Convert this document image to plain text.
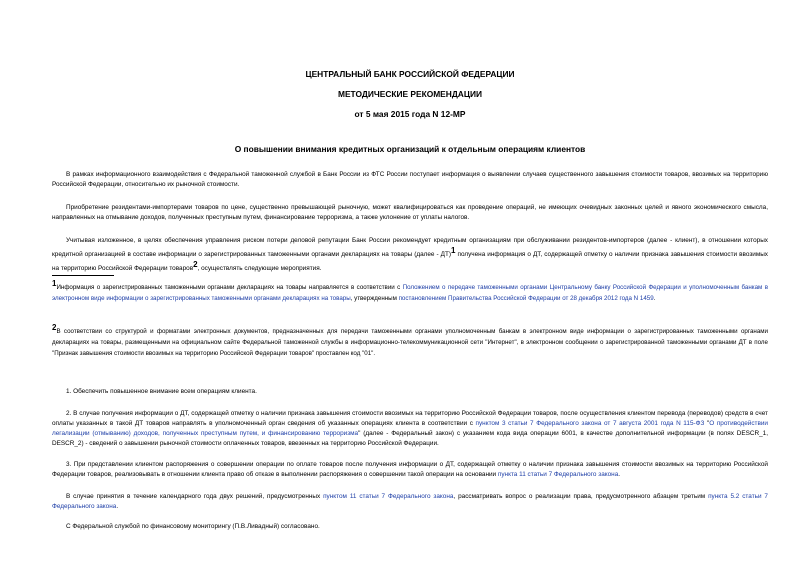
ЦЕНТРАЛЬНЫЙ БАНК РОССИЙСКОЙ ФЕДЕРАЦИИ
МЕТОДИЧЕСКИЕ РЕКОМЕНДАЦИИ
от 5 мая 2015 года N 12-МР
О повышении внимания кредитных организаций к отдельным операциям клиентов

В рамках информационного взаимодействия с Федеральной таможенной службой в Банк России из ФТС России поступает информация о выявлении случаев существенного завышения стоимости товаров, ввозимых на территорию Российской Федерации, относительно их рыночной стоимости.

Приобретение резидентами-импортерами товаров по цене, существенно превышающей рыночную, может квалифицироваться как проведение операций, не имеющих очевидных законных целей и явного экономического смысла, направленных на отмывание доходов, полученных преступным путем, финансирование терроризма, а также уклонение от уплаты налогов.

Учитывая изложенное, в целях обеспечения управления риском потери деловой репутации Банк России рекомендует кредитным организациям при обслуживании резидентов-импортеров (далее - клиент), в отношении которых кредитной организацией в составе информации о зарегистрированных таможенными органами декларациях на товары (далее - ДТ)$^1$ получена информация о ДТ, содержащей отметку о наличии признака завышения стоимости ввозимых на территорию Российской Федерации товаров$^2$, осуществлять следующие мероприятия.

$^1$Информация о зарегистрированных таможенными органами декларациях на товары направляется в соответствии с Положением о передаче таможенными органами Центральному банку Российской Федерации и уполномоченным банкам в электронном виде информации о зарегистрированных таможенными органами декларациях на товары, утвержденным постановлением Правительства Российской Федерации от 28 декабря 2012 года N 1459.

$^2$В соответствии со структурой и форматами электронных документов, предназначенных для передачи таможенными органами уполномоченным банкам в электронном виде информации о зарегистрированных таможенными органами декларациях на товары, размещенными на официальном сайте Федеральной таможенной службы в информационно-телекоммуникационной сети "Интернет", в электронном сообщении о зарегистрированной таможенными органами ДТ в поле "Признак завышения стоимости ввозимых на территорию Российской Федерации товаров" проставлен код "01".

1. Обеспечить повышенное внимание всем операциям клиента.

2. В случае получения информации о ДТ, содержащей отметку о наличии признака завышения стоимости ввозимых на территорию Российской Федерации товаров, после осуществления клиентом перевода (переводов) средств в счет оплаты указанных в такой ДТ товаров направлять в уполномоченный орган сведения об указанных операциях клиента в соответствии с пунктом 3 статьи 7 Федерального закона от 7 августа 2001 года N 115-ФЗ "О противодействии легализации (отмыванию) доходов, полученных преступным путем, и финансированию терроризма" (далее - Федеральный закон) с указанием кода вида операции 6001, в качестве дополнительной информации (в полях DESCR_1, DESCR_2) - сведений о завышении рыночной стоимости оплаченных товаров, ввезенных на территорию Российской Федерации.

3. При представлении клиентом распоряжения о совершении операции по оплате товаров после получения информации о ДТ, содержащей отметку о наличии признака завышения стоимости ввозимых на территорию Российской Федерации товаров, реализовывать в отношении клиента право об отказе в выполнении распоряжения о совершении такой операции на основании пункта 11 статьи 7 Федерального закона.

В случае принятия в течение календарного года двух решений, предусмотренных пунктом 11 статьи 7 Федерального закона, рассматривать вопрос о реализации права, предусмотренного абзацем третьим пункта 5.2 статьи 7 Федерального закона.

С Федеральной службой по финансовому мониторингу (П.В.Ливадный) согласовано.
